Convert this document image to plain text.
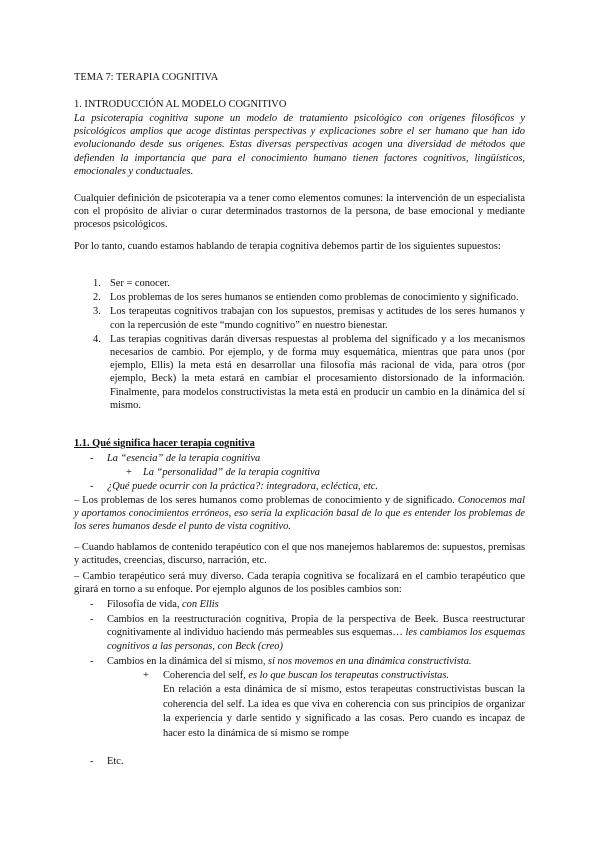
TEMA 7: TERAPIA COGNITIVA

1. INTRODUCCIÓN AL MODELO COGNITIVO

La psicoterapia cognitiva supone un modelo de tratamiento psicológico con orígenes filosóficos y psicológicos amplios que acoge distintas perspectivas y explicaciones sobre el ser humano que han ido evolucionando desde sus orígenes. Estas diversas perspectivas acogen una diversidad de métodos que defienden la importancia que para el conocimiento humano tienen factores cognitivos, lingüísticos, emocionales y conductuales.

Cualquier definición de psicoterapia va a tener como elementos comunes: la intervención de un especialista con el propósito de aliviar o curar determinados trastornos de la persona, de base emocional y mediante procesos psicológicos.

Por lo tanto, cuando estamos hablando de terapia cognitiva debemos partir de los siguientes supuestos:

1. Ser = conocer.
2. Los problemas de los seres humanos se entienden como problemas de conocimiento y significado.
3. Los terapeutas cognitivos trabajan con los supuestos, premisas y actitudes de los seres humanos y con la repercusión de este “mundo cognitivo” en nuestro bienestar.
4. Las terapias cognitivas darán diversas respuestas al problema del significado y a los mecanismos necesarios de cambio. Por ejemplo, y de forma muy esquemática, mientras que para unos (por ejemplo, Ellis) la meta está en desarrollar una filosofía más racional de vida, para otros (por ejemplo, Beck) la meta estará en cambiar el procesamiento distorsionado de la información. Finalmente, para modelos constructivistas la meta está en producir un cambio en la dinámica del sí mismo.

1.1. Qué significa hacer terapia cognitiva

- La “esencia” de la terapia cognitiva
+ La “personalidad” de la terapia cognitiva
- ¿Qué puede ocurrir con la práctica?: integradora, ecléctica, etc.

– Los problemas de los seres humanos como problemas de conocimiento y de significado. Conocemos mal y aportamos conocimientos erróneos, eso sería la explicación basal de lo que es entender los problemas de los seres humanos desde el punto de vista cognitivo.

– Cuando hablamos de contenido terapéutico con el que nos manejemos hablaremos de: supuestos, premisas y actitudes, creencias, discurso, narración, etc.

– Cambio terapéutico será muy diverso. Cada terapia cognitiva se focalizará en el cambio terapéutico que girará en torno a su enfoque. Por ejemplo algunos de los posibles cambios son:

- Filosofía de vida, con Ellis
- Cambios en la reestructuración cognitiva, Propia de la perspectiva de Beek. Busca reestructurar cognitivamente al individuo haciendo más permeables sus esquemas… les cambiamos los esquemas cognitivos a las personas, con Beck (creo)
- Cambios en la dinámica del sí mismo, si nos movemos en una dinámica constructivista.
+ Coherencia del self, es lo que buscan los terapeutas constructivistas.

En relación a esta dinámica de sí mismo, estos terapeutas constructivistas buscan la coherencia del self. La idea es que viva en coherencia con sus principios de organizar la experiencia y darle sentido y significado a las cosas. Pero cuando es incapaz de hacer esto la dinámica de sí mismo se rompe

- Etc.
